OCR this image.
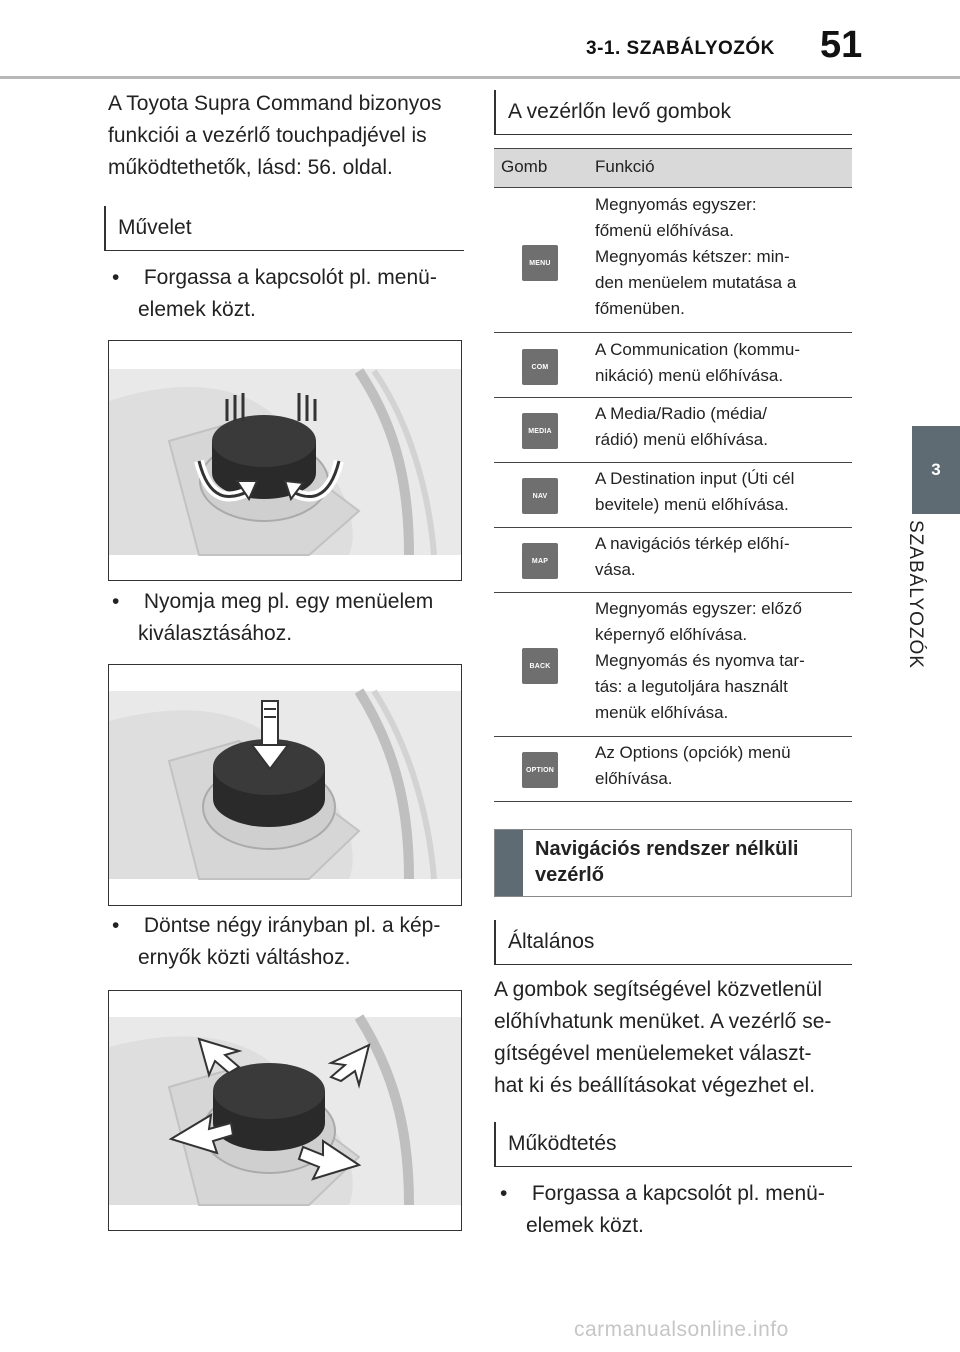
3-1. SZABÁLYOZÓK 51
3
SZABÁLYOZÓK
A Toyota Supra Command bizonyos
funkciói a vezérlő touchpadjével is
működtethetők, lásd: 56. oldal.
Művelet
• Forgassa a kapcsolót pl. menü-
elemek közt.
• Nyomja meg pl. egy menüelem
kiválasztásához.
• Döntse négy irányban pl. a kép-
ernyők közti váltáshoz.
A vezérlőn levő gombok
Gomb	Funkció
MENU
Megnyomás egyszer:
főmenü előhívása.
Megnyomás kétszer: min-
den menüelem mutatása a
főmenüben.
COM
A Communication (kommu-
nikáció) menü előhívása.
MEDIA
A Media/Radio (média/
rádió) menü előhívása.
NAV
A Destination input (Úti cél
bevitele) menü előhívása.
MAP
A navigációs térkép előhí-
vása.
BACK
Megnyomás egyszer: előző
képernyő előhívása.
Megnyomás és nyomva tar-
tás: a legutoljára használt
menük előhívása.
OPTION
Az Options (opciók) menü
előhívása.
Navigációs rendszer nélküli
vezérlő
Általános
A gombok segítségével közvetlenül
előhívhatunk menüket. A vezérlő se-
gítségével menüelemeket választ-
hat ki és beállításokat végezhet el.
Működtetés
• Forgassa a kapcsolót pl. menü-
elemek közt.
carmanualsonline.info
